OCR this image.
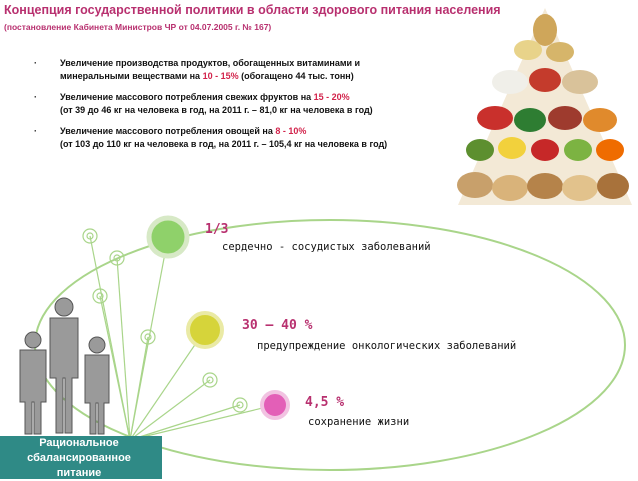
Концепция государственной политики в области здорового питания населения
(постановление Кабинета Министров ЧР от 04.07.2005 г. № 167)
·	Увеличение производства продуктов, обогащенных витаминами и
минеральными веществами на 10 - 15% (обогащено 44 тыс. тонн)
·	Увеличение массового потребления свежих фруктов на 15 - 20%
(от 39 до 46 кг на человека в год, на 2011 г. – 81,0 кг на человека в год)
·	Увеличение массового потребления овощей на 8 - 10%
(от 103 до 110 кг на человека в год, на 2011 г. – 105,4 кг на человека в год)
1/3
сердечно - сосудистых заболеваний
30 – 40 %
предупреждение онкологических заболеваний
4,5 %
сохранение жизни
Рациональное
сбалансированное
питание
